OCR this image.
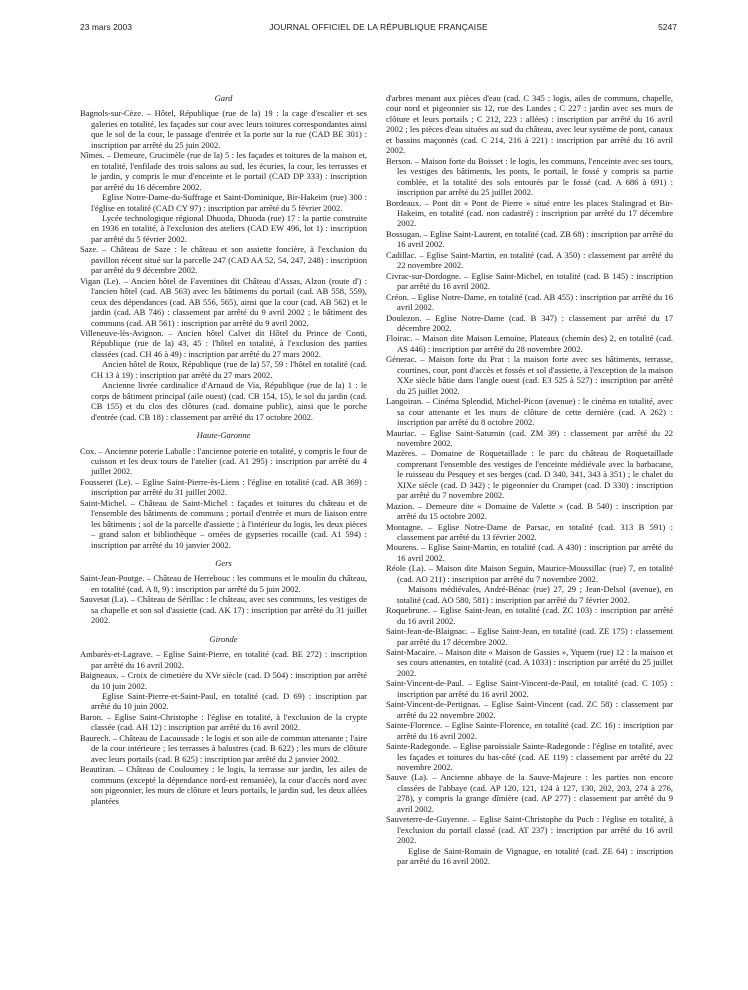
23 mars 2003	JOURNAL OFFICIEL DE LA RÉPUBLIQUE FRANÇAISE	5247
Gard

Bagnols-sur-Cèze. – Hôtel, République (rue de la) 19 : la cage d'escalier et ses galeries en totalité, les façades sur cour avec leurs toitures correspondantes ainsi que le sol de la cour, le passage d'entrée et la porte sur la rue (CAD BE 301) : inscription par arrêté du 25 juin 2002.

Nîmes. – Demeure, Crucimèle (rue de la) 5 : les façades et toitures de la maison et, en totalité, l'enfilade des trois salons au sud, les écuries, la cour, les terrasses et le jardin, y compris le mur d'enceinte et le portail (CAD DP 333) : inscription par arrêté du 16 décembre 2002.

Eglise Notre-Dame-du-Suffrage et Saint-Dominique, Bir-Hakeim (rue) 300 : l'église en totalité (CAD CY 97) : inscription par arrêté du 5 février 2002.

Lycée technologique régional Dhuoda, Dhuoda (rue) 17 : la partie construite en 1936 en totalité, à l'exclusion des ateliers (CAD EW 496, lot 1) : inscription par arrêté du 5 février 2002.

Saze. – Château de Saze : le château et son assiette foncière, à l'exclusion du pavillon récent situé sur la parcelle 247 (CAD AA 52, 54, 247, 248) : inscription par arrêté du 9 décembre 2002.

Vigan (Le). – Ancien hôtel de Faventines dit Château d'Assas, Alzon (route d') : l'ancien hôtel (cad. AB 563) avec les bâtiments du portail (cad. AB 558, 559), ceux des dépendances (cad. AB 556, 565), ainsi que la cour (cad. AB 562) et le jardin (cad. AB 746) : classement par arrêté du 9 avril 2002 ; le bâtiment des communs (cad. AB 561) : inscription par arrêté du 9 avril 2002.

Villeneuve-lès-Avignon. – Ancien hôtel Calvet dit Hôtel du Prince de Conti, République (rue de la) 43, 45 : l'hôtel en totalité, à l'exclusion des parties classées (cad. CH 46 à 49) : inscription par arrêté du 27 mars 2002.

Ancien hôtel de Roux, République (rue de la) 57, 59 : l'hôtel en totalité (cad. CH 13 à 19) : inscription par arrêté du 27 mars 2002.

Ancienne livrée cardinalice d'Arnaud de Via, République (rue de la) 1 : le corps de bâtiment principal (aile ouest) (cad. CB 154, 15), le sol du jardin (cad. CB 155) et du clos des clôtures (cad. domaine public), ainsi que le porche d'entrée (cad. CB 18) : classement par arrêté du 17 octobre 2002.

Haute-Garonne

Cox. – Ancienne poterie Laballe : l'ancienne poterie en totalité, y compris le four de cuisson et les deux tours de l'atelier (cad. A1 295) : inscription par arrêté du 4 juillet 2002.

Fousseret (Le). – Eglise Saint-Pierre-ès-Liens : l'église en totalité (cad. AB 369) : inscription par arrêté du 31 juillet 2002.

Saint-Michel. – Château de Saint-Michel : façades et toitures du château et de l'ensemble des bâtiments de communs ; portail d'entrée et murs de liaison entre les bâtiments ; sol de la parcelle d'assiette ; à l'intérieur du logis, les deux pièces – grand salon et bibliothèque – ornées de gypseries rocaille (cad. A1 594) : inscription par arrêté du 10 janvier 2002.

Gers

Saint-Jean-Poutge. – Château de Herrebouc : les communs et le moulin du château, en totalité (cad. A 8, 9) : inscription par arrêté du 5 juin 2002.

Sauvetat (La). – Château de Sérillac : le château, avec ses communs, les vestiges de sa chapelle et son sol d'assiette (cad. AK 17) : inscription par arrêté du 31 juillet 2002.

Gironde

Ambarès-et-Lagrave. – Eglise Saint-Pierre, en totalité (cad. BE 272) : inscription par arrêté du 16 avril 2002.

Baigneaux. – Croix de cimetière du XVe siècle (cad. D 504) : inscription par arrêté du 10 juin 2002.

Eglise Saint-Pierre-et-Saint-Paul, en totalité (cad. D 69) : inscription par arrêté du 10 juin 2002.

Baron. – Eglise Saint-Christophe : l'église en totalité, à l'exclusion de la crypte classée (cad. AH 12) : inscription par arrêté du 16 avril 2002.

Baurech. – Château de Lacaussade : le logis et son aile de commun attenante ; l'aire de la cour intérieure ; les terrasses à balustres (cad. B 622) ; les murs de clôture avec leurs portails (cad. B 625) : inscription par arrêté du 2 janvier 2002.

Beautiran. – Château de Couloumey : le logis, la terrasse sur jardin, les ailes de communs (excepté la dépendance nord-est remaniée), la cour d'accès nord avec son pigeonnier, les murs de clôture et leurs portails, le jardin sud, les deux allées plantées

d'arbres menant aux pièces d'eau (cad. C 345 : logis, ailes de communs, chapelle, cour nord et pigeonnier sis 12, rue des Landes ; C 227 : jardin avec ses murs de clôture et leurs portails ; C 212, 223 : allées) : inscription par arrêté du 16 avril 2002 ; les pièces d'eau situées au sud du château, avec leur système de pont, canaux et bassins maçonnés (cad. C 214, 216 à 221) : inscription par arrêté du 16 avril 2002.

Berson. – Maison forte du Boisset : le logis, les communs, l'enceinte avec ses tours, les vestiges des bâtiments, les ponts, le portail, le fossé y compris sa partie comblée, et la totalité des sols entourés par le fossé (cad. A 686 à 691) : inscription par arrêté du 25 juillet 2002.

Bordeaux. – Pont dit « Pont de Pierre » situé entre les places Stalingrad et Bir-Hakeim, en totalité (cad. non cadastré) : inscription par arrêté du 17 décembre 2002.

Bossugan. – Eglise Saint-Laurent, en totalité (cad. ZB 68) : inscription par arrêté du 16 avril 2002.

Cadillac. – Eglise Saint-Martin, en totalité (cad. A 350) : classement par arrêté du 22 novembre 2002.

Civrac-sur-Dordogne. – Eglise Saint-Michel, en totalité (cad. B 145) : inscription par arrêté du 16 avril 2002.

Créon. – Eglise Notre-Dame, en totalité (cad. AB 455) : inscription par arrêté du 16 avril 2002.

Doulezon. – Eglise Notre-Dame (cad. B 347) : classement par arrêté du 17 décembre 2002.

Floirac. – Maison dite Maison Lemoine, Plateaux (chemin des) 2, en totalité (cad. AS 446) : inscription par arrêté du 28 novembre 2002.

Génerac. – Maison forte du Prat : la maison forte avec ses bâtiments, terrasse, courtines, cour, pont d'accès et fossés et sol d'assiette, à l'exception de la maison XXe siècle bâtie dans l'angle ouest (cad. E3 525 à 527) : inscription par arrêté du 25 juillet 2002.

Langoiran. – Cinéma Splendid, Michel-Picon (avenue) : le cinéma en totalité, avec sa cour attenante et les murs de clôture de cette dernière (cad. A 262) : inscription par arrêté du 8 octobre 2002.

Mauriac. – Eglise Saint-Saturnin (cad. ZM 39) : classement par arrêté du 22 novembre 2002.

Mazères. – Domaine de Roquetaillade : le parc du château de Roquetaillade comprenant l'ensemble des vestiges de l'enceinte médiévale avec la barbacane, le ruisseau du Pesquey et ses berges (cad. D 340, 341, 343 à 351) ; le chalet du XIXe siècle (cad. D 342) ; le pigeonnier du Crampet (cad. D 330) : inscription par arrêté du 7 novembre 2002.

Mazion. – Demeure dite « Domaine de Valette » (cad. B 540) : inscription par arrêté du 15 octobre 2002.

Montagne. – Eglise Notre-Dame de Parsac, en totalité (cad. 313 B 591) : classement par arrêté du 13 février 2002.

Mourens. – Eglise Saint-Martin, en totalité (cad. A 430) : inscription par arrêté du 16 avril 2002.

Réole (La). – Maison dite Maison Seguin, Maurice-Moussillac (rue) 7, en totalité (cad. AO 211) : inscription par arrêté du 7 novembre 2002.

Maisons médiévales, André-Bénac (rue) 27, 29 ; Jean-Delsol (avenue), en totalité (cad. AO 580, 581) : inscription par arrêté du 7 février 2002.

Roquebrune. – Eglise Saint-Jean, en totalité (cad. ZC 103) : inscription par arrêté du 16 avril 2002.

Saint-Jean-de-Blaignac. – Eglise Saint-Jean, en totalité (cad. ZE 175) : classement par arrêté du 17 décembre 2002.

Saint-Macaire. – Maison dite « Maison de Gassies », Yquem (rue) 12 : la maison et ses cours attenantes, en totalité (cad. A 1033) : inscription par arrêté du 25 juillet 2002.

Saint-Vincent-de-Paul. – Eglise Saint-Vincent-de-Paul, en totalité (cad. C 105) : inscription par arrêté du 16 avril 2002.

Saint-Vincent-de-Pertignas. – Eglise Saint-Vincent (cad. ZC 58) : classement par arrêté du 22 novembre 2002.

Sainte-Florence. – Eglise Sainte-Florence, en totalité (cad. ZC 16) : inscription par arrêté du 16 avril 2002.

Sainte-Radegonde. – Eglise paroissiale Sainte-Radegonde : l'église en totalité, avec les façades et toitures du bas-côté (cad. AE 119) : classement par arrêté du 22 novembre 2002.

Sauve (La). – Ancienne abbaye de la Sauve-Majeure : les parties non encore classées de l'abbaye (cad. AP 120, 121, 124 à 127, 130, 202, 203, 274 à 276, 278), y compris la grange dîmière (cad. AP 277) : classement par arrêté du 9 avril 2002.

Sauveterre-de-Guyenne. – Eglise Saint-Christophe du Puch : l'église en totalité, à l'exclusion du portail classé (cad. AT 237) : inscription par arrêté du 16 avril 2002.

Eglise de Saint-Romain de Vignague, en totalité (cad. ZE 64) : inscription par arrêté du 16 avril 2002.
